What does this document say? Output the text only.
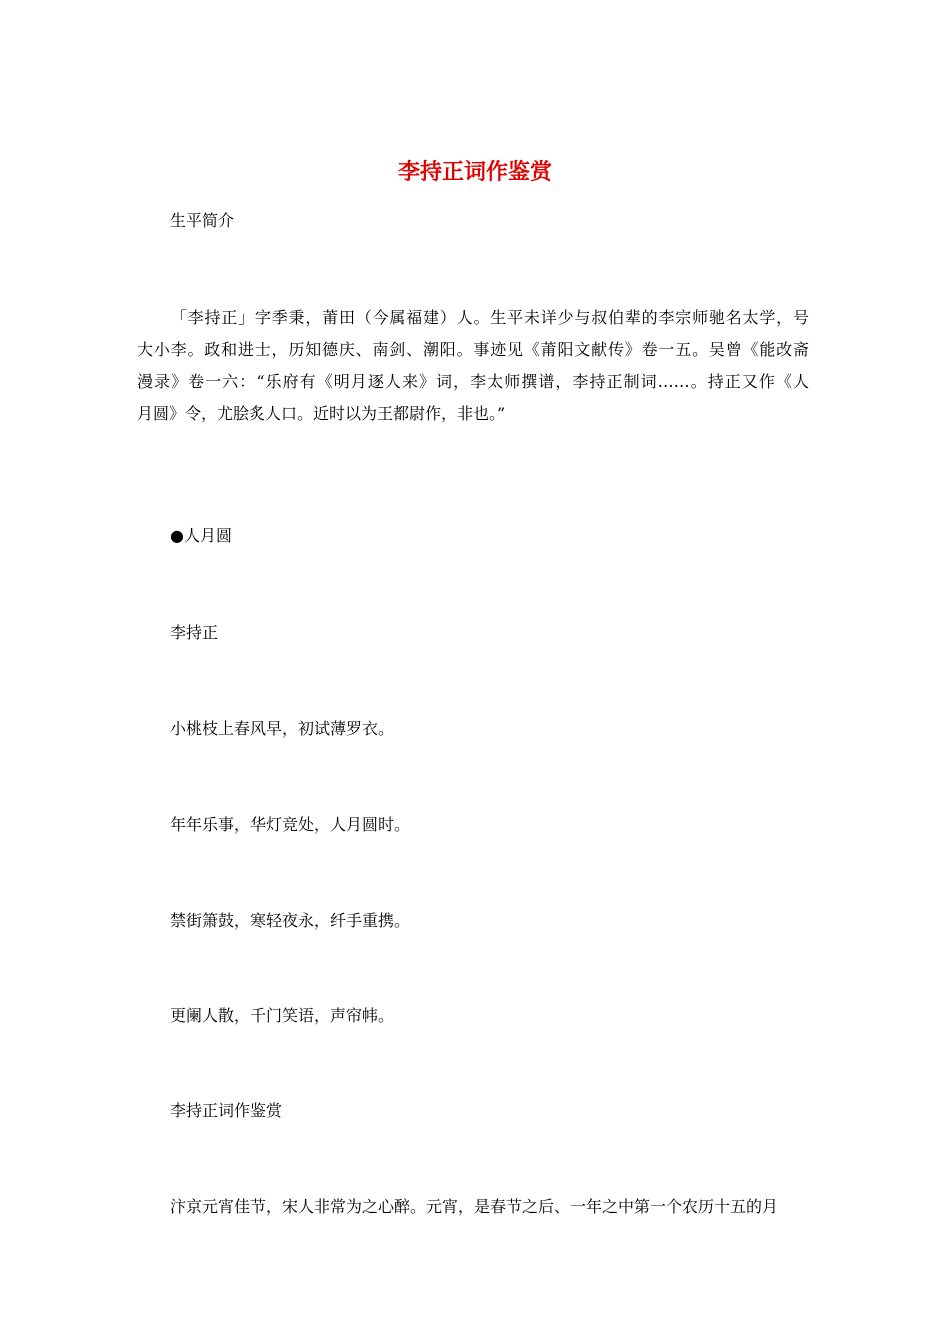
李持正词作鉴赏

生平简介

「李持正」字季秉，莆田（今属福建）人。生平未详少与叔伯辈的李宗师驰名太学，号
大小李。政和进士，历知德庆、南剑、潮阳。事迹见《莆阳文献传》卷一五。吴曾《能改斋
漫录》卷一六：“乐府有《明月逐人来》词，李太师撰谱，李持正制词……。持正又作《人
月圆》令，尤脍炙人口。近时以为王都尉作，非也。”

●人月圆

李持正

小桃枝上春风早，初试薄罗衣。

年年乐事，华灯竞处，人月圆时。

禁街箫鼓，寒轻夜永，纤手重携。

更阑人散，千门笑语，声帘帏。

李持正词作鉴赏

汴京元宵佳节，宋人非常为之心醉。元宵，是春节之后、一年之中第一个农历十五的月
